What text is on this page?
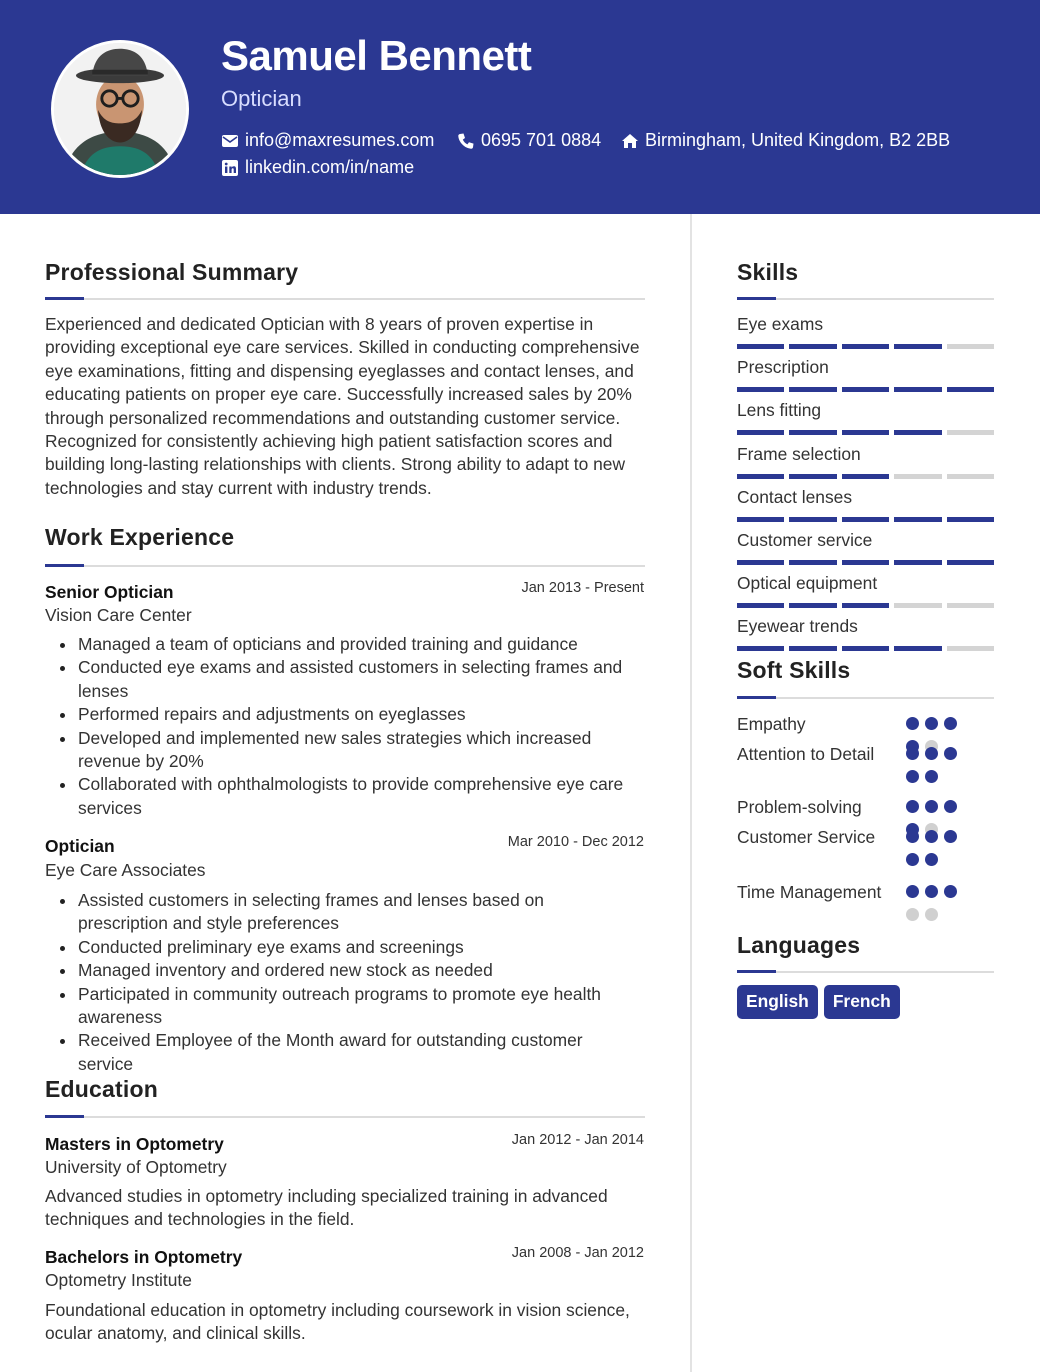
Samuel Bennett
Optician
info@maxresumes.com	0695 701 0884 Birmingham, United Kingdom, B2 2BB
linkedin.com/in/name
Professional Summary
Experienced and dedicated Optician with 8 years of proven expertise in providing exceptional eye care services. Skilled in conducting comprehensive eye examinations, fitting and dispensing eyeglasses and contact lenses, and educating patients on proper eye care. Successfully increased sales by 20% through personalized recommendations and outstanding customer service. Recognized for consistently achieving high patient satisfaction scores and building long-lasting relationships with clients. Strong ability to adapt to new technologies and stay current with industry trends.
Work Experience
Senior Optician	Jan 2013 - Present
Vision Care Center
Managed a team of opticians and provided training and guidance
Conducted eye exams and assisted customers in selecting frames and lenses
Performed repairs and adjustments on eyeglasses
Developed and implemented new sales strategies which increased revenue by 20%
Collaborated with ophthalmologists to provide comprehensive eye care services
Optician	Mar 2010 - Dec 2012
Eye Care Associates
Assisted customers in selecting frames and lenses based on prescription and style preferences
Conducted preliminary eye exams and screenings
Managed inventory and ordered new stock as needed
Participated in community outreach programs to promote eye health awareness
Received Employee of the Month award for outstanding customer service
Education
Masters in Optometry	Jan 2012 - Jan 2014
University of Optometry
Advanced studies in optometry including specialized training in advanced techniques and technologies in the field.
Bachelors in Optometry	Jan 2008 - Jan 2012
Optometry Institute
Foundational education in optometry including coursework in vision science, ocular anatomy, and clinical skills.
Skills
Eye exams
Prescription
Lens fitting
Frame selection
Contact lenses
Customer service
Optical equipment
Eyewear trends
Soft Skills
Empathy
Attention to Detail
Problem-solving
Customer Service
Time Management
Languages
English	French
